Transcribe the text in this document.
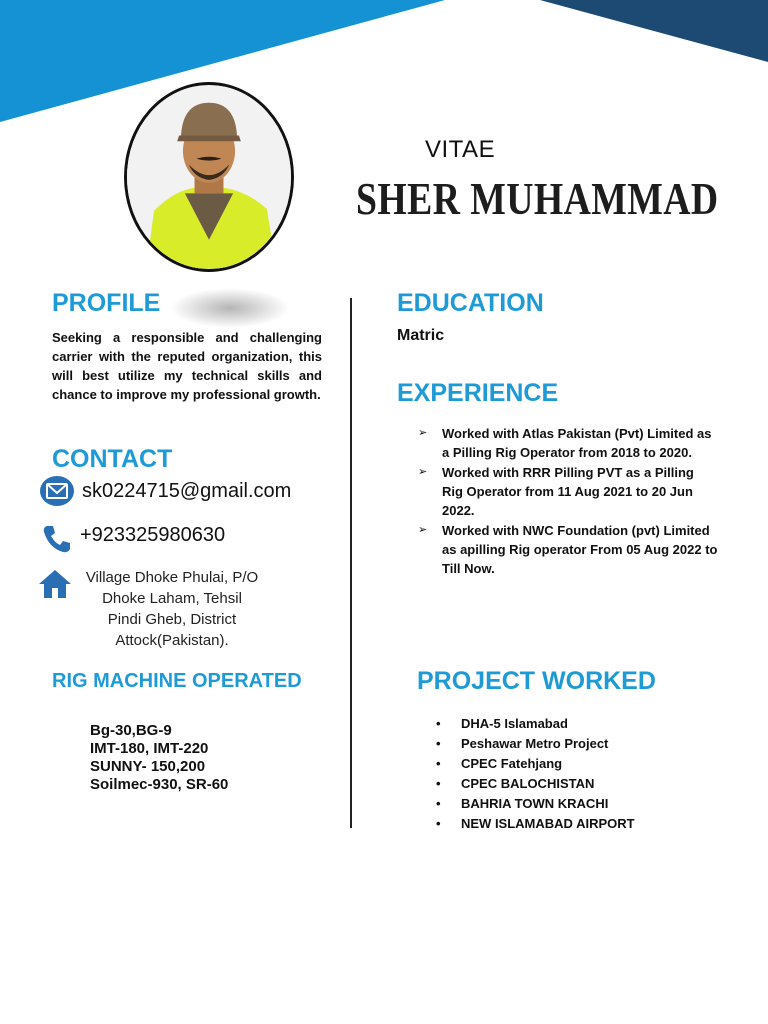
VITAE
SHER MUHAMMAD
PROFILE
Seeking a responsible and challenging carrier with the reputed organization, this will best utilize my technical skills and chance to improve my professional growth.
CONTACT
sk0224715@gmail.com
+923325980630
Village Dhoke Phulai, P/O
Dhoke Laham, Tehsil
Pindi Gheb, District
Attock(Pakistan).
RIG MACHINE OPERATED
Bg-30,BG-9
IMT-180, IMT-220
SUNNY- 150,200
Soilmec-930, SR-60
EDUCATION
Matric
EXPERIENCE
➢	Worked with Atlas Pakistan (Pvt) Limited as a Pilling Rig Operator from 2018 to 2020.
➢	Worked with RRR Pilling PVT as a Pilling Rig Operator from 11 Aug 2021 to 20 Jun 2022.
➢	Worked with NWC Foundation (pvt) Limited as apilling Rig operator From 05 Aug 2022 to Till Now.
PROJECT WORKED
•	DHA-5 Islamabad
•	Peshawar Metro Project
•	CPEC Fatehjang
•	CPEC BALOCHISTAN
•	BAHRIA TOWN KRACHI
•	NEW ISLAMABAD AIRPORT
